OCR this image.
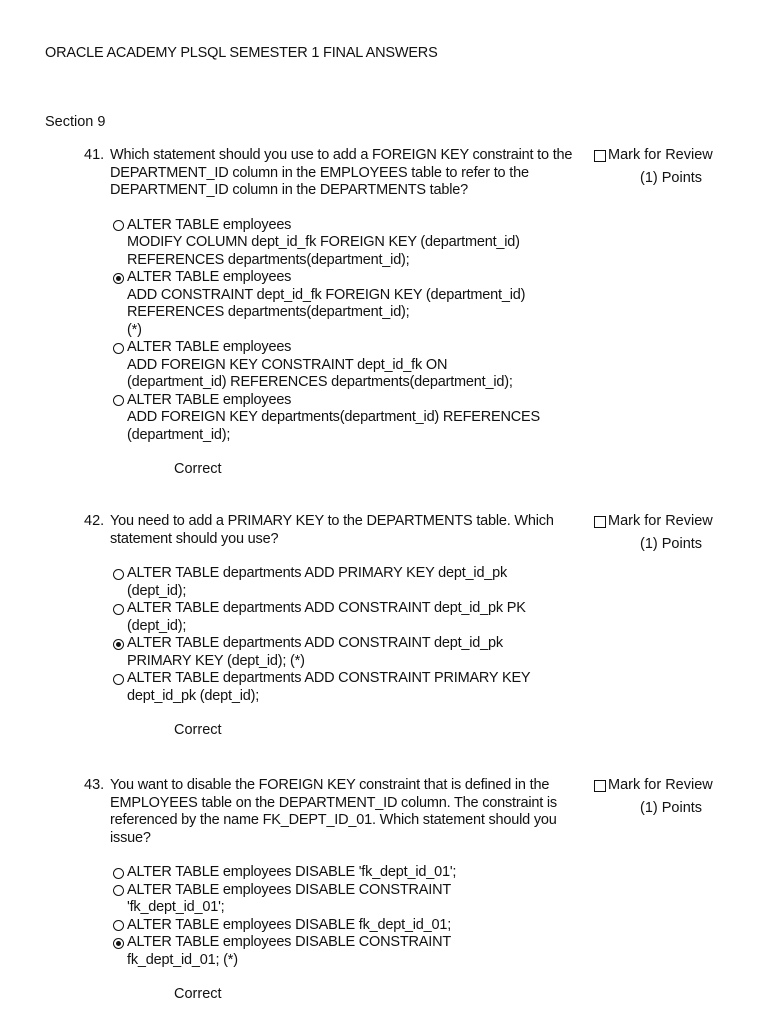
ORACLE ACADEMY PLSQL SEMESTER 1 FINAL ANSWERS
Section 9
41. Which statement should you use to add a FOREIGN KEY constraint to the DEPARTMENT_ID column in the EMPLOYEES table to refer to the DEPARTMENT_ID column in the DEPARTMENTS table?
Mark for Review
(1) Points
ALTER TABLE employees
MODIFY COLUMN dept_id_fk FOREIGN KEY (department_id)
REFERENCES departments(department_id);
ALTER TABLE employees
ADD CONSTRAINT dept_id_fk FOREIGN KEY (department_id)
REFERENCES departments(department_id);
(*)
ALTER TABLE employees
ADD FOREIGN KEY CONSTRAINT dept_id_fk ON
(department_id) REFERENCES departments(department_id);
ALTER TABLE employees
ADD FOREIGN KEY departments(department_id) REFERENCES
(department_id);
Correct
42. You need to add a PRIMARY KEY to the DEPARTMENTS table. Which statement should you use?
Mark for Review
(1) Points
ALTER TABLE departments ADD PRIMARY KEY dept_id_pk
(dept_id);
ALTER TABLE departments ADD CONSTRAINT dept_id_pk PK
(dept_id);
ALTER TABLE departments ADD CONSTRAINT dept_id_pk
PRIMARY KEY (dept_id); (*)
ALTER TABLE departments ADD CONSTRAINT PRIMARY KEY
dept_id_pk (dept_id);
Correct
43. You want to disable the FOREIGN KEY constraint that is defined in the EMPLOYEES table on the DEPARTMENT_ID column. The constraint is referenced by the name FK_DEPT_ID_01. Which statement should you issue?
Mark for Review
(1) Points
ALTER TABLE employees DISABLE 'fk_dept_id_01';
ALTER TABLE employees DISABLE CONSTRAINT
'fk_dept_id_01';
ALTER TABLE employees DISABLE fk_dept_id_01;
ALTER TABLE employees DISABLE CONSTRAINT
fk_dept_id_01; (*)
Correct
